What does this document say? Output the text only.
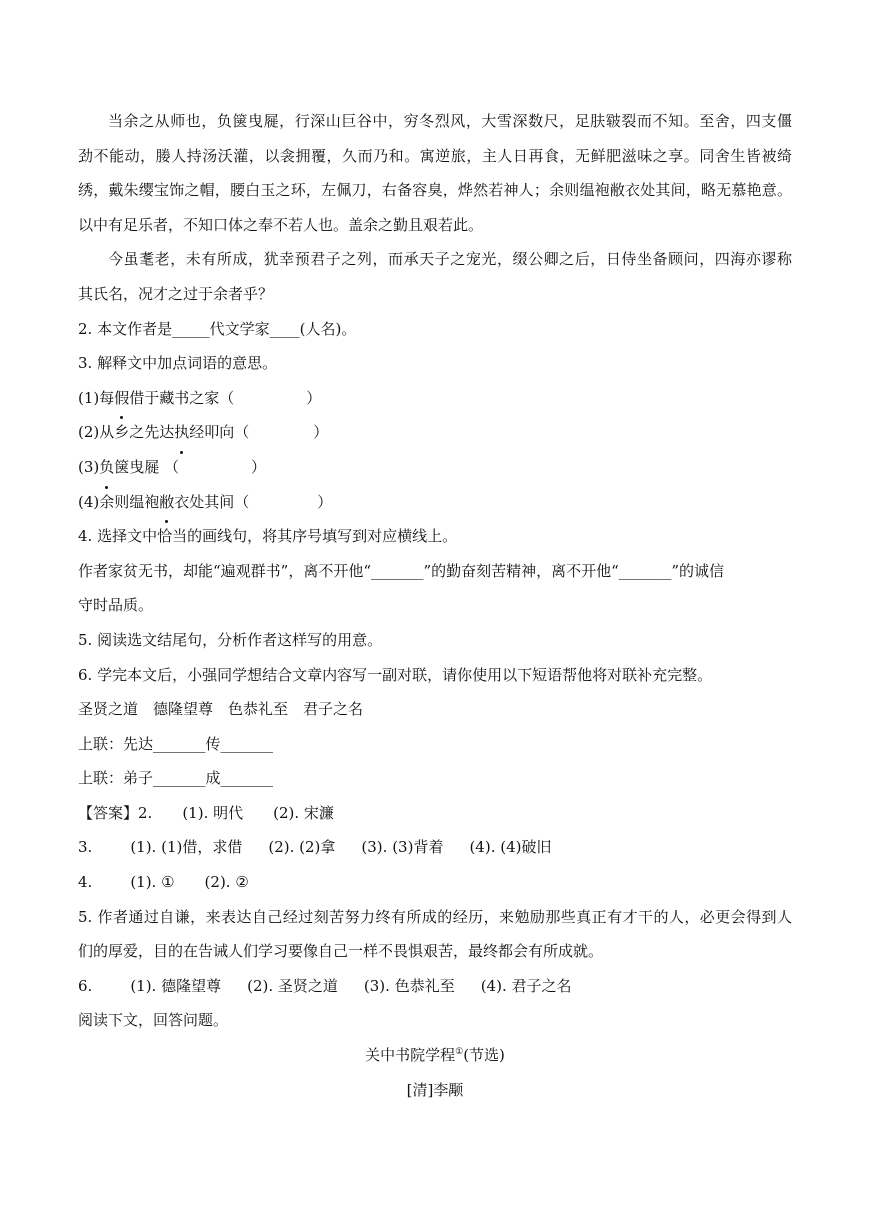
当余之从师也，负箧曳屣，行深山巨谷中，穷冬烈风，大雪深数尺，足肤皲裂而不知。至舍，四支僵
劲不能动，媵人持汤沃灌，以衾拥覆，久而乃和。寓逆旅，主人日再食，无鲜肥滋味之享。同舍生皆被绮
绣，戴朱缨宝饰之帽，腰白玉之环，左佩刀，右备容臭，烨然若神人；余则缊袍敝衣处其间，略无慕艳意。
以中有足乐者，不知口体之奉不若人也。盖余之勤且艰若此。
今虽耄老，未有所成，犹幸预君子之列，而承天子之宠光，缀公卿之后，日侍坐备顾问，四海亦谬称
其氏名，况才之过于余者乎？
2. 本文作者是_____代文学家____(人名)。
3. 解释文中加点词语的意思。
(1)每假借于藏书之家（	）
(2)从乡之先达执经叩向（	）
(3)负箧曳屣 （	）
(4)余则缊袍敝衣处其间（	）
4. 选择文中恰当的画线句，将其序号填写到对应横线上。
作者家贫无书，却能“遍观群书”，离不开他“_______”的勤奋刻苦精神，离不开他“_______”的诚信
守时品质。
5. 阅读选文结尾句，分析作者这样写的用意。
6. 学完本文后，小强同学想结合文章内容写一副对联，请你使用以下短语帮他将对联补充完整。
圣贤之道 德隆望尊 色恭礼至 君子之名
上联：先达_______传_______
上联：弟子_______成_______
【答案】2. (1). 明代 (2). 宋濂
3.	(1). (1)借，求借 (2). (2)拿 (3). (3)背着 (4). (4)破旧
4.	(1). ① (2). ②
5. 作者通过自谦，来表达自己经过刻苦努力终有所成的经历，来勉励那些真正有才干的人，必更会得到人
们的厚爱，目的在告诫人们学习要像自己一样不畏惧艰苦，最终都会有所成就。
6.	(1). 德隆望尊 (2). 圣贤之道 (3). 色恭礼至 (4). 君子之名
阅读下文，回答问题。
关中书院学程①(节选)
[清]李颙
